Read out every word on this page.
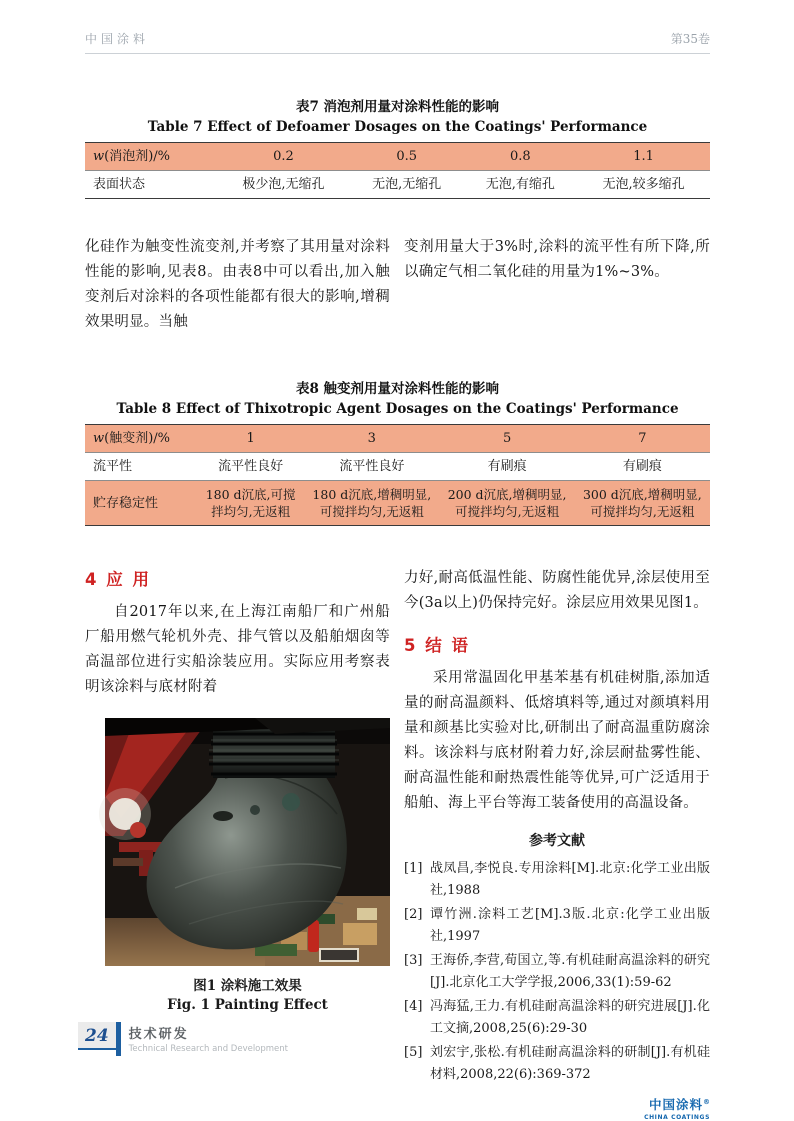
中国涂料	第35卷
表7 消泡剂用量对涂料性能的影响
Table 7 Effect of Defoamer Dosages on the Coatings' Performance
w(消泡剂)/%	0.2	0.5	0.8	1.1
表面状态	极少泡,无缩孔	无泡,无缩孔	无泡,有缩孔	无泡,较多缩孔

化硅作为触变性流变剂,并考察了其用量对涂料性能的影响,见表8。由表8中可以看出,加入触变剂后对涂料的各项性能都有很大的影响,增稠效果明显。当触

变剂用量大于3%时,涂料的流平性有所下降,所以确定气相二氧化硅的用量为1%~3%。

表8 触变剂用量对涂料性能的影响
Table 8 Effect of Thixotropic Agent Dosages on the Coatings' Performance
w(触变剂)/%	1	3	5	7
流平性	流平性良好	流平性良好	有刷痕	有刷痕
贮存稳定性	180 d沉底,可搅拌均匀,无返粗	180 d沉底,增稠明显,可搅拌均匀,无返粗	200 d沉底,增稠明显,可搅拌均匀,无返粗	300 d沉底,增稠明显,可搅拌均匀,无返粗
4 应 用

自2017年以来,在上海江南船厂和广州船厂船用燃气轮机外壳、排气管以及船舶烟囱等高温部位进行实船涂装应用。实际应用考察表明该涂料与底材附着

图1 涂料施工效果
Fig. 1 Painting Effect

力好,耐高低温性能、防腐性能优异,涂层使用至今(3a以上)仍保持完好。涂层应用效果见图1。

5 结 语

采用常温固化甲基苯基有机硅树脂,添加适量的耐高温颜料、低熔填料等,通过对颜填料用量和颜基比实验对比,研制出了耐高温重防腐涂料。该涂料与底材附着力好,涂层耐盐雾性能、耐高温性能和耐热震性能等优异,可广泛适用于船舶、海上平台等海工装备使用的高温设备。

参考文献
[1] 战凤昌,李悦良.专用涂料[M].北京:化学工业出版社,1988
[2] 谭竹洲.涂料工艺[M].3版.北京:化学工业出版社,1997
[3] 王海侨,李营,荀国立,等.有机硅耐高温涂料的研究[J].北京化工大学学报,2006,33(1):59-62
[4] 冯海猛,王力.有机硅耐高温涂料的研究进展[J].化工文摘,2008,25(6):29-30
[5] 刘宏宇,张松.有机硅耐高温涂料的研制[J].有机硅材料,2008,22(6):369-372
中国涂料®
CHINA COATINGS
24	技术研发
Technical Research and Development
